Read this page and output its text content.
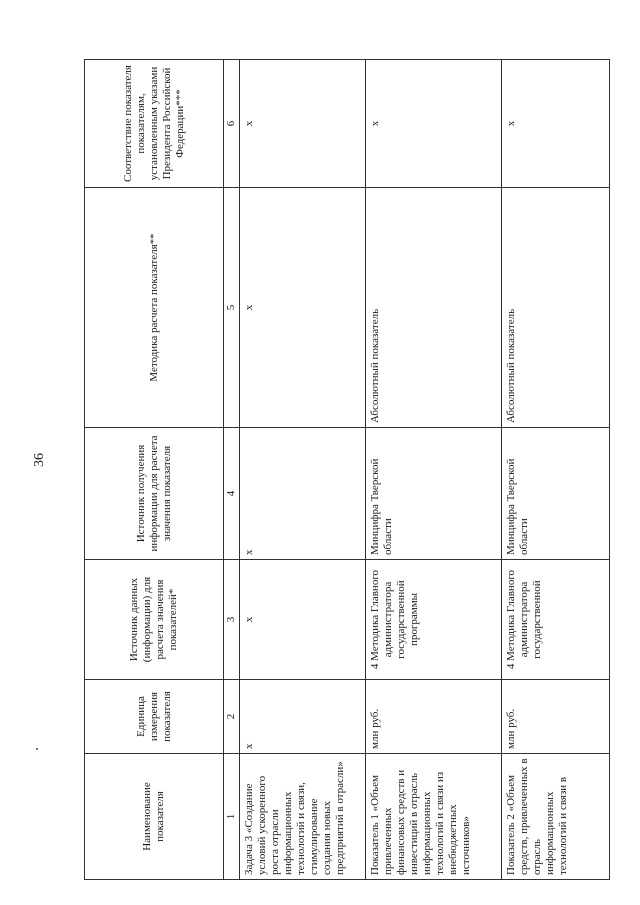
36
Наименование показателя	Единица измерения показателя	Источник данных (информации) для расчета значения показателей*	Источник получения информации для расчета значения показателя	Методика расчета показателя**	Соответствие показателя показателям, установленным указами Президента Российской Федерации***
1	2	3	4	5	6
Задача 3 «Создание условий ускоренного роста отрасли информационных технологий и связи, стимулирование создания новых предприятий в отрасли»	х	х	х	х	х
Показатель 1 «Объем привлеченных финансовых средств и инвестиций в отрасль информационных технологий и связи из внебюджетных источников»	млн руб.	4 Методика Главного администратора государственной программы	Минцифра Тверской области	Абсолютный показатель	х
Показатель 2 «Объем средств, привлеченных в отрасль информационных технологий и связи в	млн руб.	4 Методика Главного администратора государственной	Минцифра Тверской области	Абсолютный показатель	х
